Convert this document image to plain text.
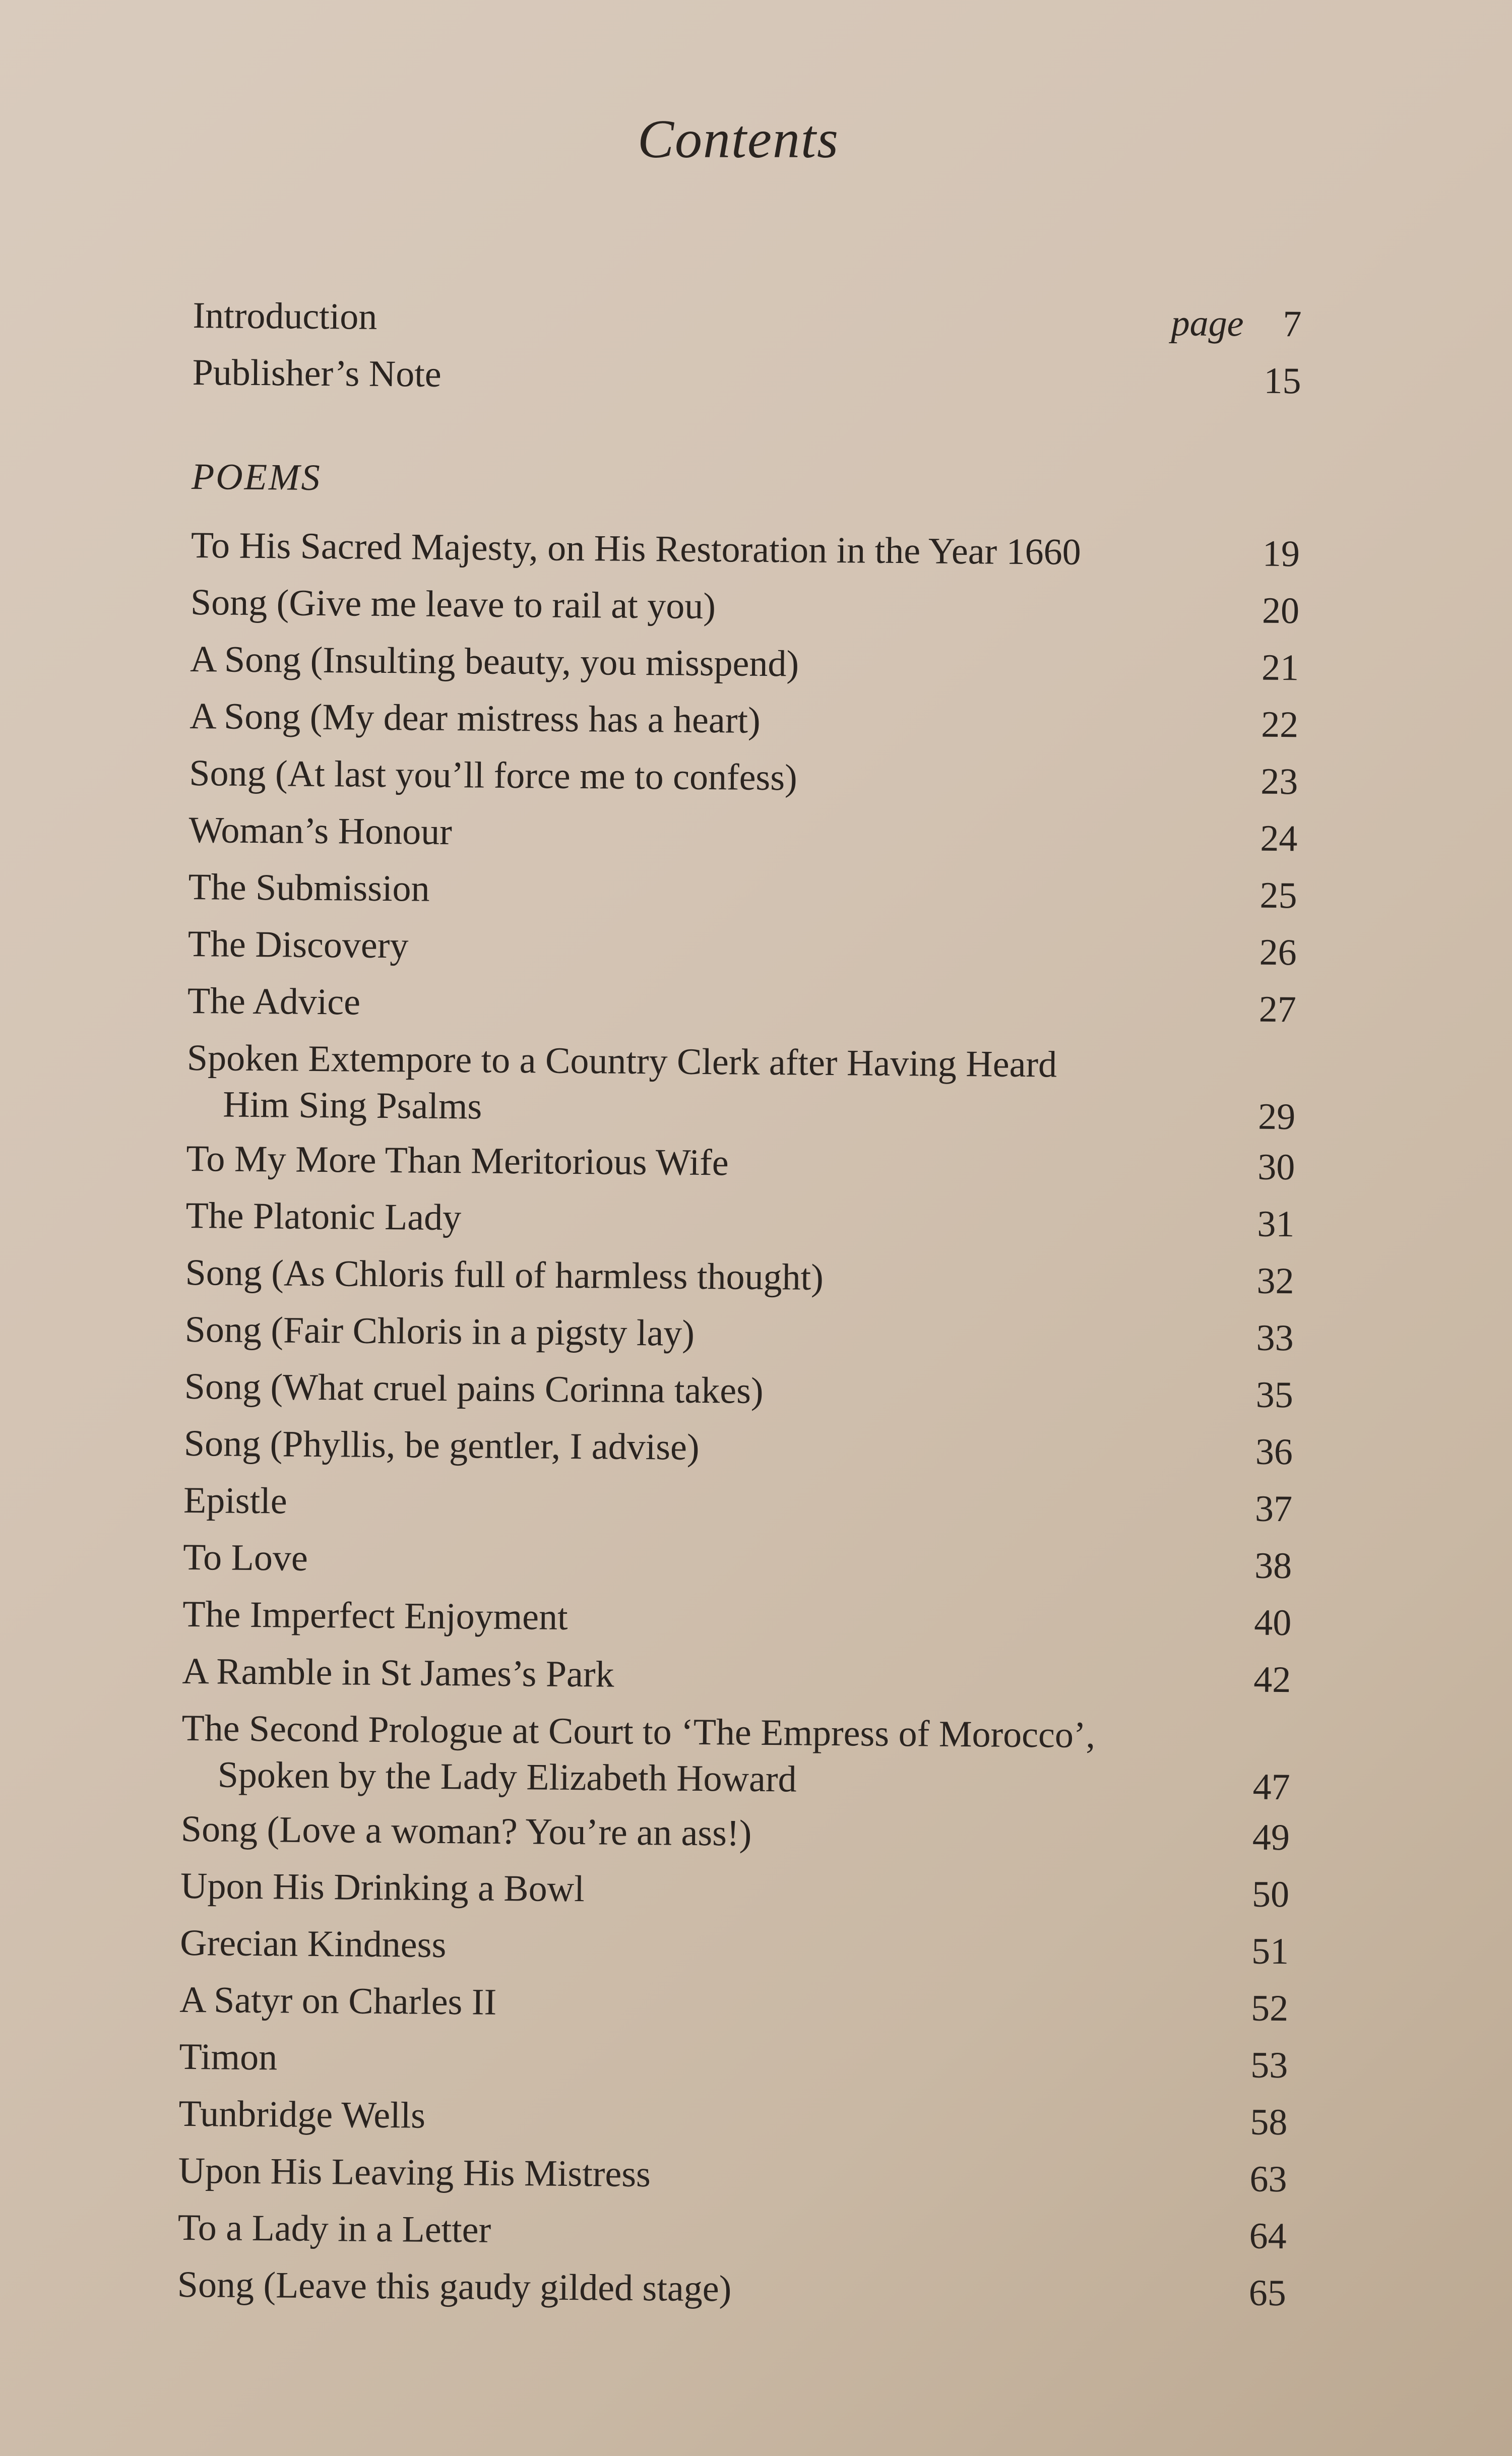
Contents
Introduction	page 7
Publisher’s Note	15
POEMS
To His Sacred Majesty, on His Restoration in the Year 1660	19
Song (Give me leave to rail at you)	20
A Song (Insulting beauty, you misspend)	21
A Song (My dear mistress has a heart)	22
Song (At last you’ll force me to confess)	23
Woman’s Honour	24
The Submission	25
The Discovery	26
The Advice	27
Spoken Extempore to a Country Clerk after Having Heard
Him Sing Psalms	29
To My More Than Meritorious Wife	30
The Platonic Lady	31
Song (As Chloris full of harmless thought)	32
Song (Fair Chloris in a pigsty lay)	33
Song (What cruel pains Corinna takes)	35
Song (Phyllis, be gentler, I advise)	36
Epistle	37
To Love	38
The Imperfect Enjoyment	40
A Ramble in St James’s Park	42
The Second Prologue at Court to ‘The Empress of Morocco’,
Spoken by the Lady Elizabeth Howard	47
Song (Love a woman? You’re an ass!)	49
Upon His Drinking a Bowl	50
Grecian Kindness	51
A Satyr on Charles II	52
Timon	53
Tunbridge Wells	58
Upon His Leaving His Mistress	63
To a Lady in a Letter	64
Song (Leave this gaudy gilded stage)	65
